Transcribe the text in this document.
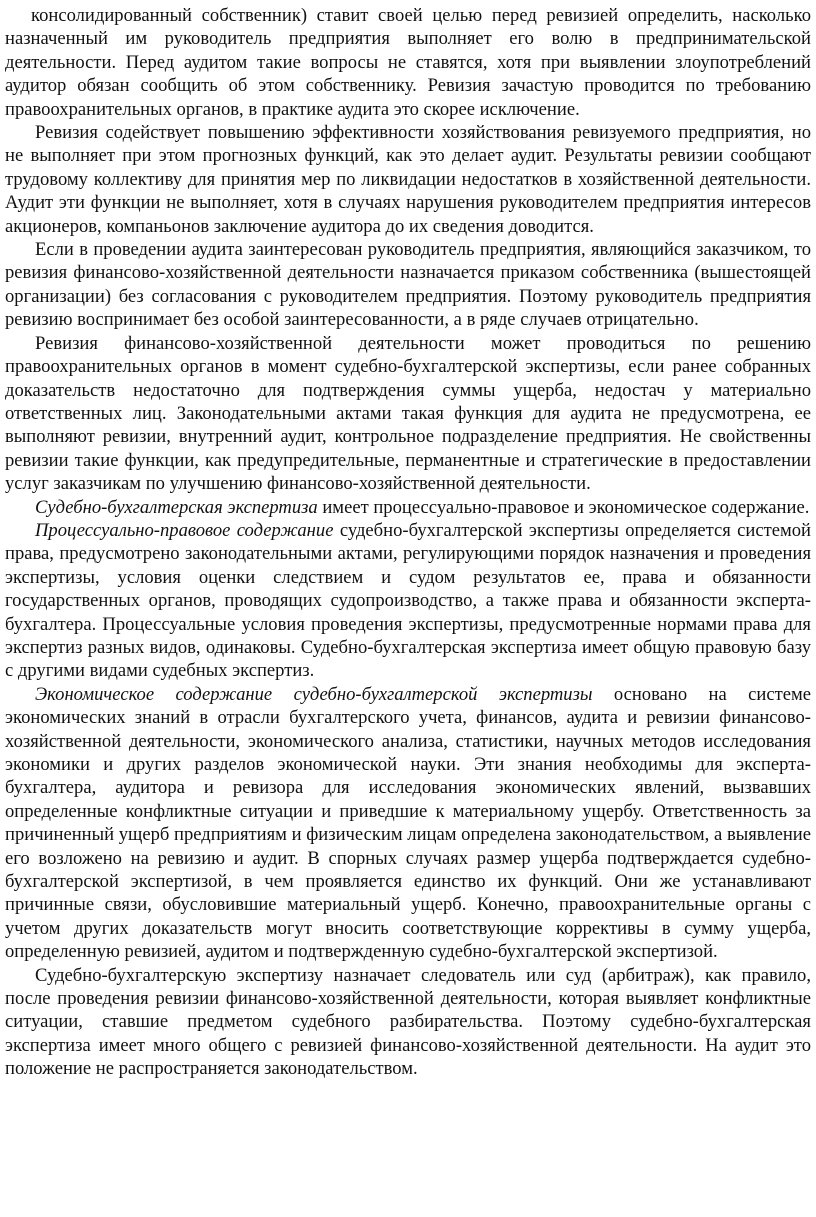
консолидированный собственник) ставит своей целью перед ревизией определить, насколько назначенный им руководитель предприятия выполняет его волю в предпринимательской деятельности. Перед аудитом такие вопросы не ставятся, хотя при выявлении злоупотреблений аудитор обязан сообщить об этом собственнику. Ревизия зачастую проводится по требованию правоохранительных органов, в практике аудита это скорее исключение.

Ревизия содействует повышению эффективности хозяйствования ревизуемого предприятия, но не выполняет при этом прогнозных функций, как это делает аудит. Результаты ревизии сообщают трудовому коллективу для принятия мер по ликвидации недостатков в хозяйственной деятельности. Аудит эти функции не выполняет, хотя в случаях нарушения руководителем предприятия интересов акционеров, компаньонов заключение аудитора до их сведения доводится.

Если в проведении аудита заинтересован руководитель предприятия, являющийся заказчиком, то ревизия финансово-хозяйственной деятельности назначается приказом собственника (вышестоящей организации) без согласования с руководителем предприятия. Поэтому руководитель предприятия ревизию воспринимает без особой заинтересованности, а в ряде случаев отрицательно.

Ревизия финансово-хозяйственной деятельности может проводиться по решению правоохранительных органов в момент судебно-бухгалтерской экспертизы, если ранее собранных доказательств недостаточно для подтверждения суммы ущерба, недостач у материально ответственных лиц. Законодательными актами такая функция для аудита не предусмотрена, ее выполняют ревизии, внутренний аудит, контрольное подразделение предприятия. Не свойственны ревизии такие функции, как предупредительные, перманентные и стратегические в предоставлении услуг заказчикам по улучшению финансово-хозяйственной деятельности.

Судебно-бухгалтерская экспертиза имеет процессуально-правовое и экономическое содержание.

Процессуально-правовое содержание судебно-бухгалтерской экспертизы определяется системой права, предусмотрено законодательными актами, регулирующими порядок назначения и проведения экспертизы, условия оценки следствием и судом результатов ее, права и обязанности государственных органов, проводящих судопроизводство, а также права и обязанности эксперта-бухгалтера. Процессуальные условия проведения экспертизы, предусмотренные нормами права для экспертиз разных видов, одинаковы. Судебно-бухгалтерская экспертиза имеет общую правовую базу с другими видами судебных экспертиз.

Экономическое содержание судебно-бухгалтерской экспертизы основано на системе экономических знаний в отрасли бухгалтерского учета, финансов, аудита и ревизии финансово-хозяйственной деятельности, экономического анализа, статистики, научных методов исследования экономики и других разделов экономической науки. Эти знания необходимы для эксперта-бухгалтера, аудитора и ревизора для исследования экономических явлений, вызвавших определенные конфликтные ситуации и приведшие к материальному ущербу. Ответственность за причиненный ущерб предприятиям и физическим лицам определена законодательством, а выявление его возложено на ревизию и аудит. В спорных случаях размер ущерба подтверждается судебно-бухгалтерской экспертизой, в чем проявляется единство их функций. Они же устанавливают причинные связи, обусловившие материальный ущерб. Конечно, правоохранительные органы с учетом других доказательств могут вносить соответствующие коррективы в сумму ущерба, определенную ревизией, аудитом и подтвержденную судебно-бухгалтерской экспертизой.

Судебно-бухгалтерскую экспертизу назначает следователь или суд (арбитраж), как правило, после проведения ревизии финансово-хозяйственной деятельности, которая выявляет конфликтные ситуации, ставшие предметом судебного разбирательства. Поэтому судебно-бухгалтерская экспертиза имеет много общего с ревизией финансово-хозяйственной деятельности. На аудит это положение не распространяется законодательством.
